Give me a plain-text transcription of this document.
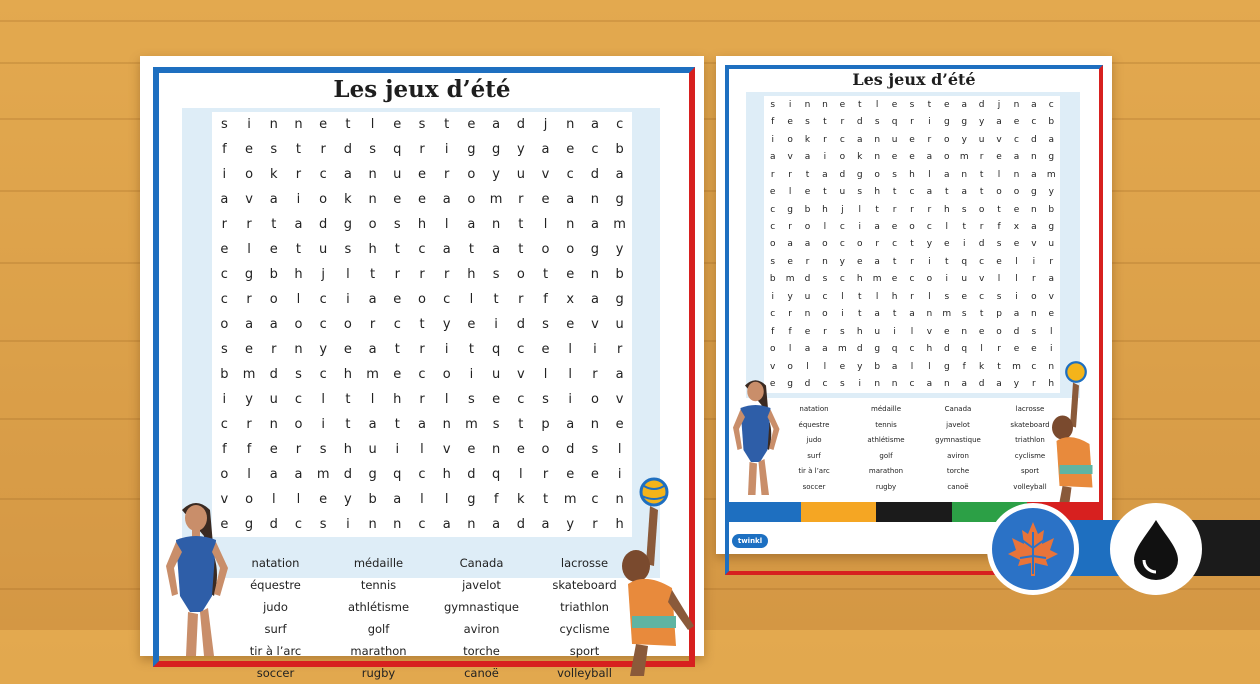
Les jeux d’été
s	i	n	n	e	t	l	e	s	t	e	a	d	j	n	a	c
f	e	s	t	r	d	s	q	r	i	g	g	y	a	e	c	b
i	o	k	r	c	a	n	u	e	r	o	y	u	v	c	d	a
a	v	a	i	o	k	n	e	e	a	o	m	r	e	a	n	g
r	r	t	a	d	g	o	s	h	l	a	n	t	l	n	a	m
e	l	e	t	u	s	h	t	c	a	t	a	t	o	o	g	y
c	g	b	h	j	l	t	r	r	r	h	s	o	t	e	n	b
c	r	o	l	c	i	a	e	o	c	l	t	r	f	x	a	g
o	a	a	o	c	o	r	c	t	y	e	i	d	s	e	v	u
s	e	r	n	y	e	a	t	r	i	t	q	c	e	l	i	r
b	m	d	s	c	h	m	e	c	o	i	u	v	l	l	r	a
i	y	u	c	l	t	l	h	r	l	s	e	c	s	i	o	v
c	r	n	o	i	t	a	t	a	n	m	s	t	p	a	n	e
f	f	e	r	s	h	u	i	l	v	e	n	e	o	d	s	l
o	l	a	a	m	d	g	q	c	h	d	q	l	r	e	e	i
v	o	l	l	e	y	b	a	l	l	g	f	k	t	m	c	n
e	g	d	c	s	i	n	n	c	a	n	a	d	a	y	r	h
natation	médaille	Canada	lacrosse
équestre	tennis	javelot	skateboard
judo	athlétisme	gymnastique	triathlon
surf	golf	aviron	cyclisme
tir à l’arc	marathon	torche	sport
soccer	rugby	canoë	volleyball
Les jeux d’été
s	i	n	n	e	t	l	e	s	t	e	a	d	j	n	a	c
f	e	s	t	r	d	s	q	r	i	g	g	y	a	e	c	b
i	o	k	r	c	a	n	u	e	r	o	y	u	v	c	d	a
a	v	a	i	o	k	n	e	e	a	o	m	r	e	a	n	g
r	r	t	a	d	g	o	s	h	l	a	n	t	l	n	a	m
e	l	e	t	u	s	h	t	c	a	t	a	t	o	o	g	y
c	g	b	h	j	l	t	r	r	r	h	s	o	t	e	n	b
c	r	o	l	c	i	a	e	o	c	l	t	r	f	x	a	g
o	a	a	o	c	o	r	c	t	y	e	i	d	s	e	v	u
s	e	r	n	y	e	a	t	r	i	t	q	c	e	l	i	r
b	m	d	s	c	h	m	e	c	o	i	u	v	l	l	r	a
i	y	u	c	l	t	l	h	r	l	s	e	c	s	i	o	v
c	r	n	o	i	t	a	t	a	n	m	s	t	p	a	n	e
f	f	e	r	s	h	u	i	l	v	e	n	e	o	d	s	l
o	l	a	a	m	d	g	q	c	h	d	q	l	r	e	e	i
v	o	l	l	e	y	b	a	l	l	g	f	k	t	m	c	n
e	g	d	c	s	i	n	n	c	a	n	a	d	a	y	r	h
natation	médaille	Canada	lacrosse
équestre	tennis	javelot	skateboard
judo	athlétisme	gymnastique	triathlon
surf	golf	aviron	cyclisme
tir à l’arc	marathon	torche	sport
soccer	rugby	canoë	volleyball
twinkl
